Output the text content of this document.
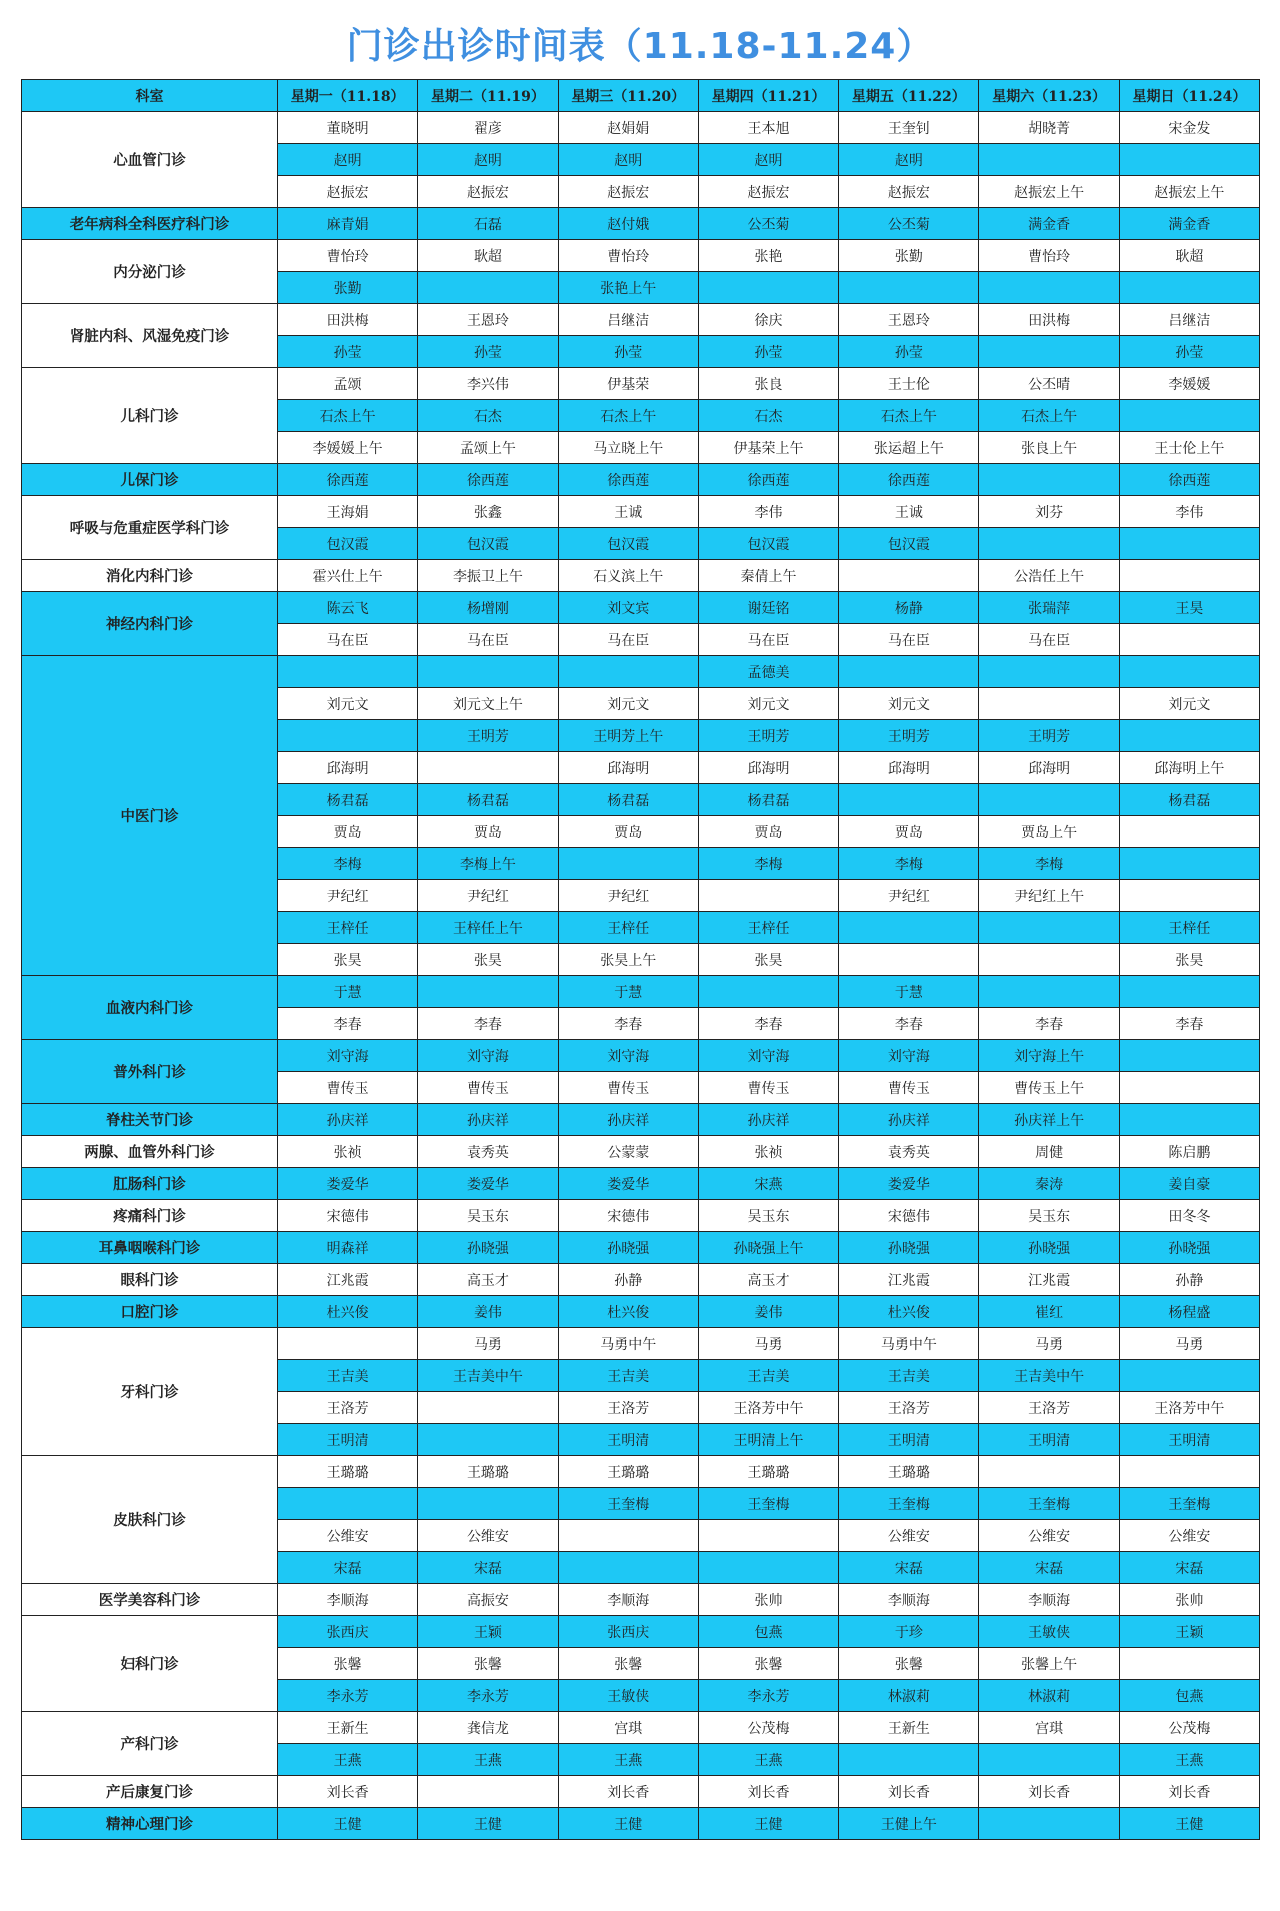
门诊出诊时间表（11.18-11.24）
科室	星期一（11.18）	星期二（11.19）	星期三（11.20）	星期四（11.21）	星期五（11.22）	星期六（11.23）	星期日（11.24）
心血管门诊	董晓明	翟彦	赵娟娟	王本旭	王奎钊	胡晓菁	宋金发
	赵明	赵明	赵明	赵明	赵明		
	赵振宏	赵振宏	赵振宏	赵振宏	赵振宏	赵振宏上午	赵振宏上午
老年病科全科医疗科门诊	麻青娟	石磊	赵付娥	公丕菊	公丕菊	满金香	满金香
内分泌门诊	曹怡玲	耿超	曹怡玲	张艳	张勤	曹怡玲	耿超
	张勤		张艳上午				
肾脏内科、风湿免疫门诊	田洪梅	王恩玲	吕继洁	徐庆	王恩玲	田洪梅	吕继洁
	孙莹	孙莹	孙莹	孙莹	孙莹		孙莹
儿科门诊	孟颂	李兴伟	伊基荣	张良	王士伦	公丕晴	李媛媛
	石杰上午	石杰	石杰上午	石杰	石杰上午	石杰上午	
	李媛媛上午	孟颂上午	马立晓上午	伊基荣上午	张运超上午	张良上午	王士伦上午
儿保门诊	徐西莲	徐西莲	徐西莲	徐西莲	徐西莲		徐西莲
呼吸与危重症医学科门诊	王海娟	张鑫	王诚	李伟	王诚	刘芬	李伟
	包汉霞	包汉霞	包汉霞	包汉霞	包汉霞		
消化内科门诊	霍兴仕上午	李振卫上午	石义滨上午	秦倩上午		公浩任上午	
神经内科门诊	陈云飞	杨增刚	刘文宾	谢廷铭	杨静	张瑞萍	王昊
	马在臣	马在臣	马在臣	马在臣	马在臣	马在臣	
中医门诊				孟德美			
	刘元文	刘元文上午	刘元文	刘元文	刘元文		刘元文
		王明芳	王明芳上午	王明芳	王明芳	王明芳	
	邱海明		邱海明	邱海明	邱海明	邱海明	邱海明上午
	杨君磊	杨君磊	杨君磊	杨君磊			杨君磊
	贾岛	贾岛	贾岛	贾岛	贾岛	贾岛上午	
	李梅	李梅上午		李梅	李梅	李梅	
	尹纪红	尹纪红	尹纪红		尹纪红	尹纪红上午	
	王梓任	王梓任上午	王梓任	王梓任			王梓任
	张昊	张昊	张昊上午	张昊			张昊
血液内科门诊	于慧		于慧		于慧		
	李春	李春	李春	李春	李春	李春	李春
普外科门诊	刘守海	刘守海	刘守海	刘守海	刘守海	刘守海上午	
	曹传玉	曹传玉	曹传玉	曹传玉	曹传玉	曹传玉上午	
脊柱关节门诊	孙庆祥	孙庆祥	孙庆祥	孙庆祥	孙庆祥	孙庆祥上午	
两腺、血管外科门诊	张祯	袁秀英	公蒙蒙	张祯	袁秀英	周健	陈启鹏
肛肠科门诊	娄爱华	娄爱华	娄爱华	宋燕	娄爱华	秦涛	姜自豪
疼痛科门诊	宋德伟	吴玉东	宋德伟	吴玉东	宋德伟	吴玉东	田冬冬
耳鼻咽喉科门诊	明森祥	孙晓强	孙晓强	孙晓强上午	孙晓强	孙晓强	孙晓强
眼科门诊	江兆霞	高玉才	孙静	高玉才	江兆霞	江兆霞	孙静
口腔门诊	杜兴俊	姜伟	杜兴俊	姜伟	杜兴俊	崔红	杨程盛
牙科门诊		马勇	马勇中午	马勇	马勇中午	马勇	马勇
	王吉美	王吉美中午	王吉美	王吉美	王吉美	王吉美中午	
	王洛芳		王洛芳	王洛芳中午	王洛芳	王洛芳	王洛芳中午
	王明清		王明清	王明清上午	王明清	王明清	王明清
皮肤科门诊	王璐璐	王璐璐	王璐璐	王璐璐	王璐璐		
			王奎梅	王奎梅	王奎梅	王奎梅	王奎梅
	公维安	公维安			公维安	公维安	公维安
	宋磊	宋磊			宋磊	宋磊	宋磊
医学美容科门诊	李顺海	高振安	李顺海	张帅	李顺海	李顺海	张帅
妇科门诊	张西庆	王颖	张西庆	包燕	于珍	王敏侠	王颖
	张馨	张馨	张馨	张馨	张馨	张馨上午	
	李永芳	李永芳	王敏侠	李永芳	林淑莉	林淑莉	包燕
产科门诊	王新生	龚信龙	宫琪	公茂梅	王新生	宫琪	公茂梅
	王燕	王燕	王燕	王燕			王燕
产后康复门诊	刘长香		刘长香	刘长香	刘长香	刘长香	刘长香
精神心理门诊	王健	王健	王健	王健	王健上午		王健
